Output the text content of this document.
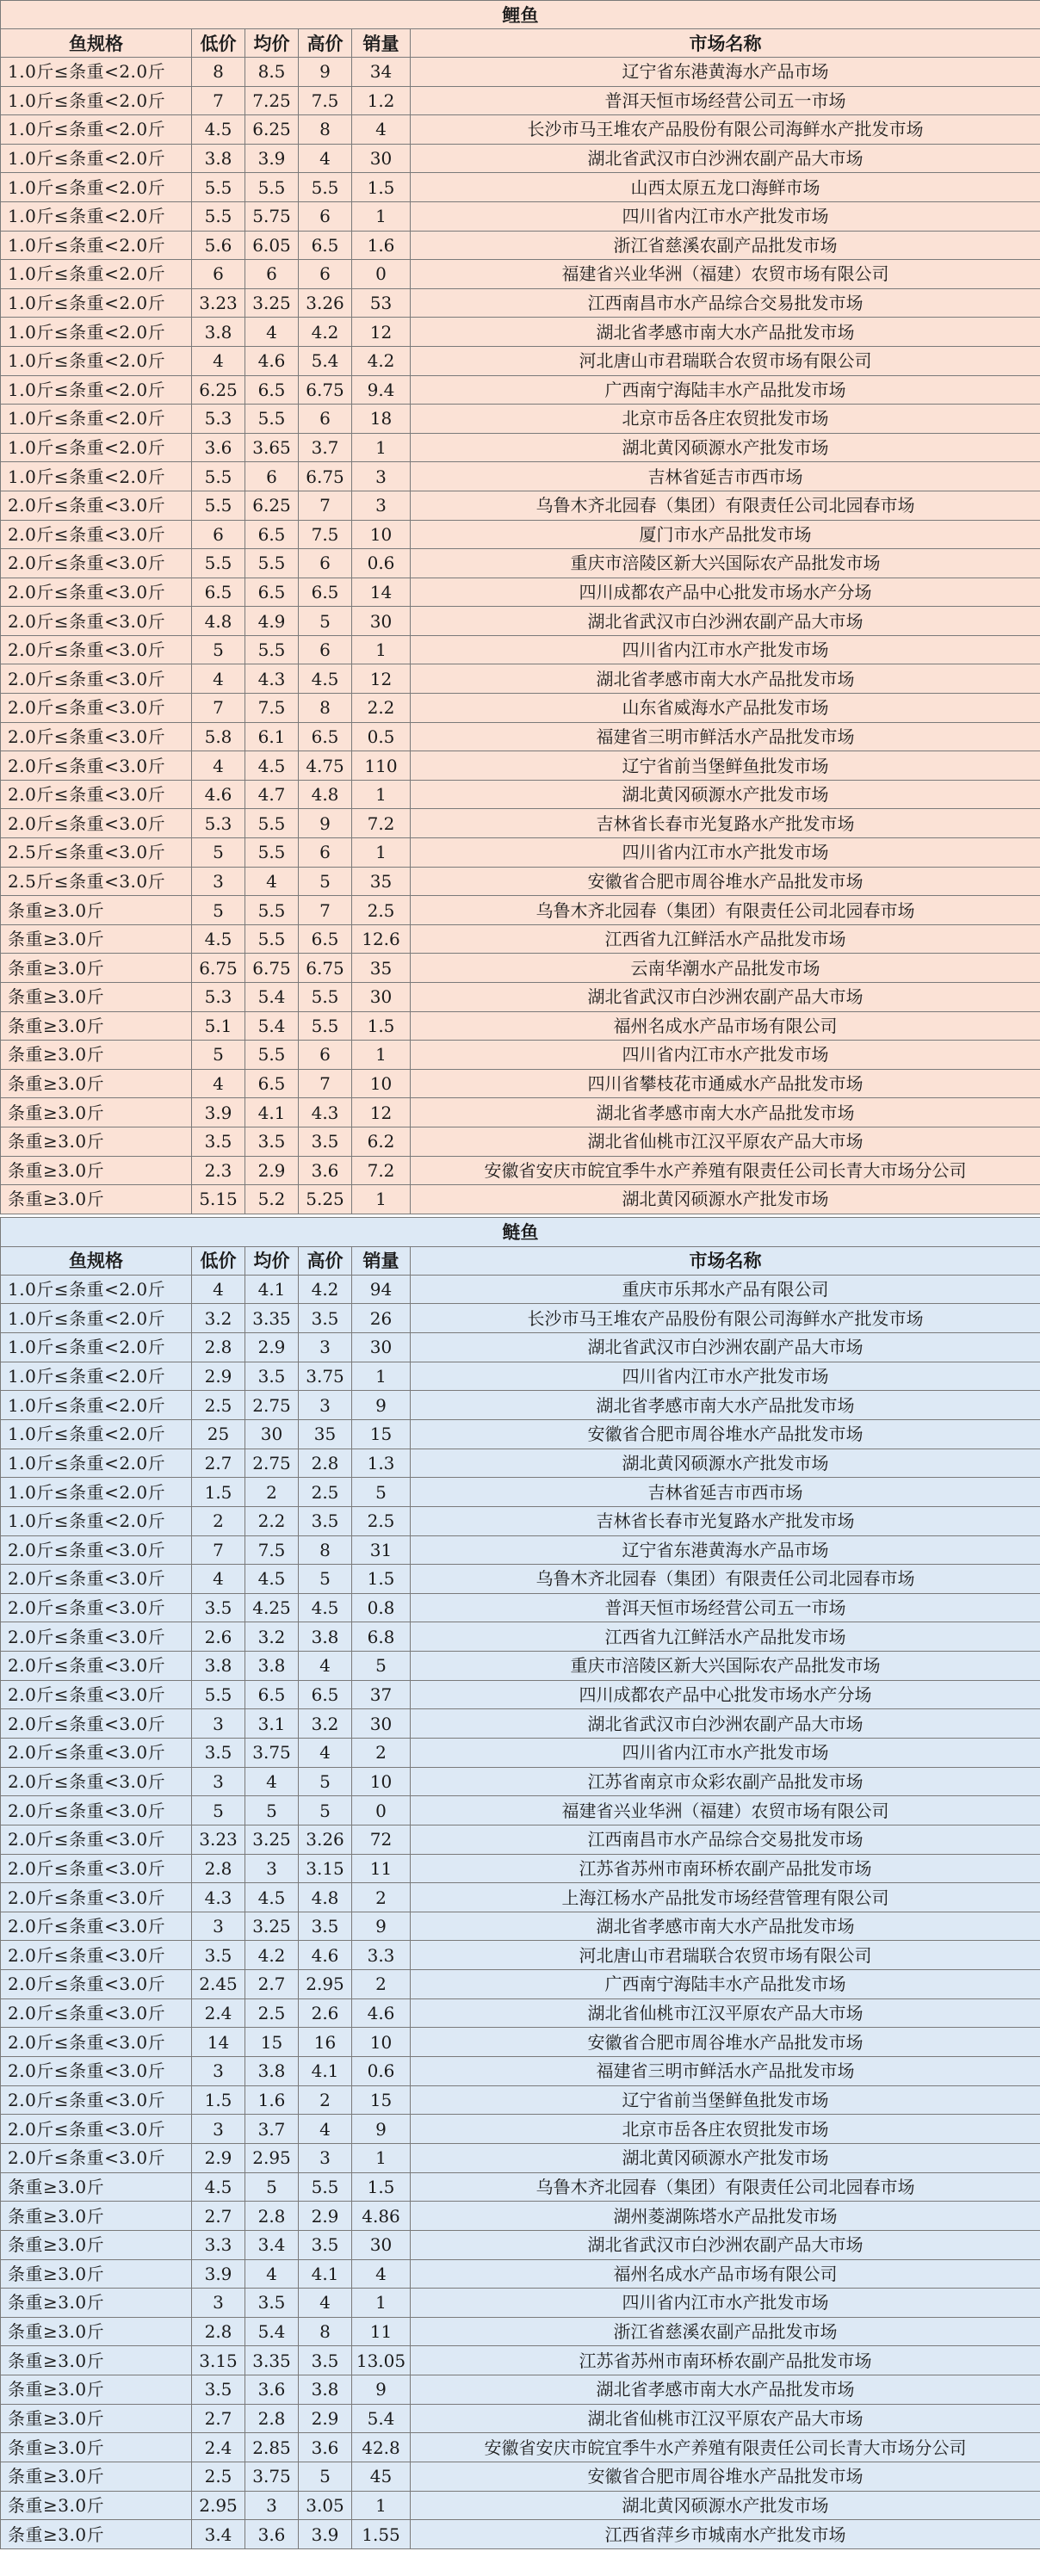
鲤鱼					
鱼规格	低价	均价	高价	销量	市场名称
1.0斤≤条重<2.0斤	8	8.5	9	34	辽宁省东港黄海水产品市场
1.0斤≤条重<2.0斤	7	7.25	7.5	1.2	普洱天恒市场经营公司五一市场
1.0斤≤条重<2.0斤	4.5	6.25	8	4	长沙市马王堆农产品股份有限公司海鲜水产批发市场
1.0斤≤条重<2.0斤	3.8	3.9	4	30	湖北省武汉市白沙洲农副产品大市场
1.0斤≤条重<2.0斤	5.5	5.5	5.5	1.5	山西太原五龙口海鲜市场
1.0斤≤条重<2.0斤	5.5	5.75	6	1	四川省内江市水产批发市场
1.0斤≤条重<2.0斤	5.6	6.05	6.5	1.6	浙江省慈溪农副产品批发市场
1.0斤≤条重<2.0斤	6	6	6	0	福建省兴业华洲（福建）农贸市场有限公司
1.0斤≤条重<2.0斤	3.23	3.25	3.26	53	江西南昌市水产品综合交易批发市场
1.0斤≤条重<2.0斤	3.8	4	4.2	12	湖北省孝感市南大水产品批发市场
1.0斤≤条重<2.0斤	4	4.6	5.4	4.2	河北唐山市君瑞联合农贸市场有限公司
1.0斤≤条重<2.0斤	6.25	6.5	6.75	9.4	广西南宁海陆丰水产品批发市场
1.0斤≤条重<2.0斤	5.3	5.5	6	18	北京市岳各庄农贸批发市场
1.0斤≤条重<2.0斤	3.6	3.65	3.7	1	湖北黄冈硕源水产批发市场
1.0斤≤条重<2.0斤	5.5	6	6.75	3	吉林省延吉市西市场
2.0斤≤条重<3.0斤	5.5	6.25	7	3	乌鲁木齐北园春（集团）有限责任公司北园春市场
2.0斤≤条重<3.0斤	6	6.5	7.5	10	厦门市水产品批发市场
2.0斤≤条重<3.0斤	5.5	5.5	6	0.6	重庆市涪陵区新大兴国际农产品批发市场
2.0斤≤条重<3.0斤	6.5	6.5	6.5	14	四川成都农产品中心批发市场水产分场
2.0斤≤条重<3.0斤	4.8	4.9	5	30	湖北省武汉市白沙洲农副产品大市场
2.0斤≤条重<3.0斤	5	5.5	6	1	四川省内江市水产批发市场
2.0斤≤条重<3.0斤	4	4.3	4.5	12	湖北省孝感市南大水产品批发市场
2.0斤≤条重<3.0斤	7	7.5	8	2.2	山东省威海水产品批发市场
2.0斤≤条重<3.0斤	5.8	6.1	6.5	0.5	福建省三明市鲜活水产品批发市场
2.0斤≤条重<3.0斤	4	4.5	4.75	110	辽宁省前当堡鲜鱼批发市场
2.0斤≤条重<3.0斤	4.6	4.7	4.8	1	湖北黄冈硕源水产批发市场
2.0斤≤条重<3.0斤	5.3	5.5	9	7.2	吉林省长春市光复路水产批发市场
2.5斤≤条重<3.0斤	5	5.5	6	1	四川省内江市水产批发市场
2.5斤≤条重<3.0斤	3	4	5	35	安徽省合肥市周谷堆水产品批发市场
条重≥3.0斤	5	5.5	7	2.5	乌鲁木齐北园春（集团）有限责任公司北园春市场
条重≥3.0斤	4.5	5.5	6.5	12.6	江西省九江鲜活水产品批发市场
条重≥3.0斤	6.75	6.75	6.75	35	云南华潮水产品批发市场
条重≥3.0斤	5.3	5.4	5.5	30	湖北省武汉市白沙洲农副产品大市场
条重≥3.0斤	5.1	5.4	5.5	1.5	福州名成水产品市场有限公司
条重≥3.0斤	5	5.5	6	1	四川省内江市水产批发市场
条重≥3.0斤	4	6.5	7	10	四川省攀枝花市通威水产品批发市场
条重≥3.0斤	3.9	4.1	4.3	12	湖北省孝感市南大水产品批发市场
条重≥3.0斤	3.5	3.5	3.5	6.2	湖北省仙桃市江汉平原农产品大市场
条重≥3.0斤	2.3	2.9	3.6	7.2	安徽省安庆市皖宜季牛水产养殖有限责任公司长青大市场分公司
条重≥3.0斤	5.15	5.2	5.25	1	湖北黄冈硕源水产批发市场
鲢鱼					
鱼规格	低价	均价	高价	销量	市场名称
1.0斤≤条重<2.0斤	4	4.1	4.2	94	重庆市乐邦水产品有限公司
1.0斤≤条重<2.0斤	3.2	3.35	3.5	26	长沙市马王堆农产品股份有限公司海鲜水产批发市场
1.0斤≤条重<2.0斤	2.8	2.9	3	30	湖北省武汉市白沙洲农副产品大市场
1.0斤≤条重<2.0斤	2.9	3.5	3.75	1	四川省内江市水产批发市场
1.0斤≤条重<2.0斤	2.5	2.75	3	9	湖北省孝感市南大水产品批发市场
1.0斤≤条重<2.0斤	25	30	35	15	安徽省合肥市周谷堆水产品批发市场
1.0斤≤条重<2.0斤	2.7	2.75	2.8	1.3	湖北黄冈硕源水产批发市场
1.0斤≤条重<2.0斤	1.5	2	2.5	5	吉林省延吉市西市场
1.0斤≤条重<2.0斤	2	2.2	3.5	2.5	吉林省长春市光复路水产批发市场
2.0斤≤条重<3.0斤	7	7.5	8	31	辽宁省东港黄海水产品市场
2.0斤≤条重<3.0斤	4	4.5	5	1.5	乌鲁木齐北园春（集团）有限责任公司北园春市场
2.0斤≤条重<3.0斤	3.5	4.25	4.5	0.8	普洱天恒市场经营公司五一市场
2.0斤≤条重<3.0斤	2.6	3.2	3.8	6.8	江西省九江鲜活水产品批发市场
2.0斤≤条重<3.0斤	3.8	3.8	4	5	重庆市涪陵区新大兴国际农产品批发市场
2.0斤≤条重<3.0斤	5.5	6.5	6.5	37	四川成都农产品中心批发市场水产分场
2.0斤≤条重<3.0斤	3	3.1	3.2	30	湖北省武汉市白沙洲农副产品大市场
2.0斤≤条重<3.0斤	3.5	3.75	4	2	四川省内江市水产批发市场
2.0斤≤条重<3.0斤	3	4	5	10	江苏省南京市众彩农副产品批发市场
2.0斤≤条重<3.0斤	5	5	5	0	福建省兴业华洲（福建）农贸市场有限公司
2.0斤≤条重<3.0斤	3.23	3.25	3.26	72	江西南昌市水产品综合交易批发市场
2.0斤≤条重<3.0斤	2.8	3	3.15	11	江苏省苏州市南环桥农副产品批发市场
2.0斤≤条重<3.0斤	4.3	4.5	4.8	2	上海江杨水产品批发市场经营管理有限公司
2.0斤≤条重<3.0斤	3	3.25	3.5	9	湖北省孝感市南大水产品批发市场
2.0斤≤条重<3.0斤	3.5	4.2	4.6	3.3	河北唐山市君瑞联合农贸市场有限公司
2.0斤≤条重<3.0斤	2.45	2.7	2.95	2	广西南宁海陆丰水产品批发市场
2.0斤≤条重<3.0斤	2.4	2.5	2.6	4.6	湖北省仙桃市江汉平原农产品大市场
2.0斤≤条重<3.0斤	14	15	16	10	安徽省合肥市周谷堆水产品批发市场
2.0斤≤条重<3.0斤	3	3.8	4.1	0.6	福建省三明市鲜活水产品批发市场
2.0斤≤条重<3.0斤	1.5	1.6	2	15	辽宁省前当堡鲜鱼批发市场
2.0斤≤条重<3.0斤	3	3.7	4	9	北京市岳各庄农贸批发市场
2.0斤≤条重<3.0斤	2.9	2.95	3	1	湖北黄冈硕源水产批发市场
条重≥3.0斤	4.5	5	5.5	1.5	乌鲁木齐北园春（集团）有限责任公司北园春市场
条重≥3.0斤	2.7	2.8	2.9	4.86	湖州菱湖陈塔水产品批发市场
条重≥3.0斤	3.3	3.4	3.5	30	湖北省武汉市白沙洲农副产品大市场
条重≥3.0斤	3.9	4	4.1	4	福州名成水产品市场有限公司
条重≥3.0斤	3	3.5	4	1	四川省内江市水产批发市场
条重≥3.0斤	2.8	5.4	8	11	浙江省慈溪农副产品批发市场
条重≥3.0斤	3.15	3.35	3.5	13.05	江苏省苏州市南环桥农副产品批发市场
条重≥3.0斤	3.5	3.6	3.8	9	湖北省孝感市南大水产品批发市场
条重≥3.0斤	2.7	2.8	2.9	5.4	湖北省仙桃市江汉平原农产品大市场
条重≥3.0斤	2.4	2.85	3.6	42.8	安徽省安庆市皖宜季牛水产养殖有限责任公司长青大市场分公司
条重≥3.0斤	2.5	3.75	5	45	安徽省合肥市周谷堆水产品批发市场
条重≥3.0斤	2.95	3	3.05	1	湖北黄冈硕源水产批发市场
条重≥3.0斤	3.4	3.6	3.9	1.55	江西省萍乡市城南水产批发市场
